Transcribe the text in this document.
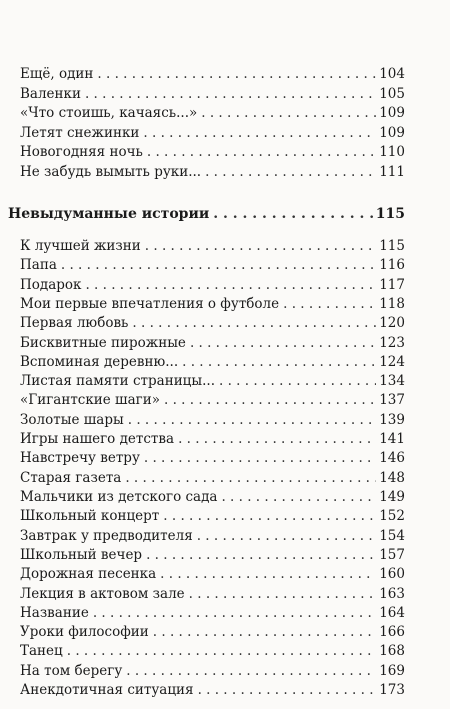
Ещё, один . . .	104
Валенки . . .	105
«Что стоишь, качаясь...» . . .	109
Летят снежинки . . .	109
Новогодняя ночь . . .	110
Не забудь вымыть руки... . . .	111
Невыдуманные истории . . .	115
К лучшей жизни . . .	115
Папа . . .	116
Подарок . . .	117
Мои первые впечатления о футболе . . .	118
Первая любовь . . .	120
Бисквитные пирожные . . .	123
Вспоминая деревню... . . .	124
Листая памяти страницы... . . .	134
«Гигантские шаги» . . .	137
Золотые шары . . .	139
Игры нашего детства . . .	141
Навстречу ветру . . .	146
Старая газета . . .	148
Мальчики из детского сада . . .	149
Школьный концерт . . .	152
Завтрак у предводителя . . .	154
Школьный вечер . . .	157
Дорожная песенка . . .	160
Лекция в актовом зале . . .	163
Название . . .	164
Уроки философии . . .	166
Танец . . .	168
На том берегу . . .	169
Анекдотичная ситуация . . .	173
